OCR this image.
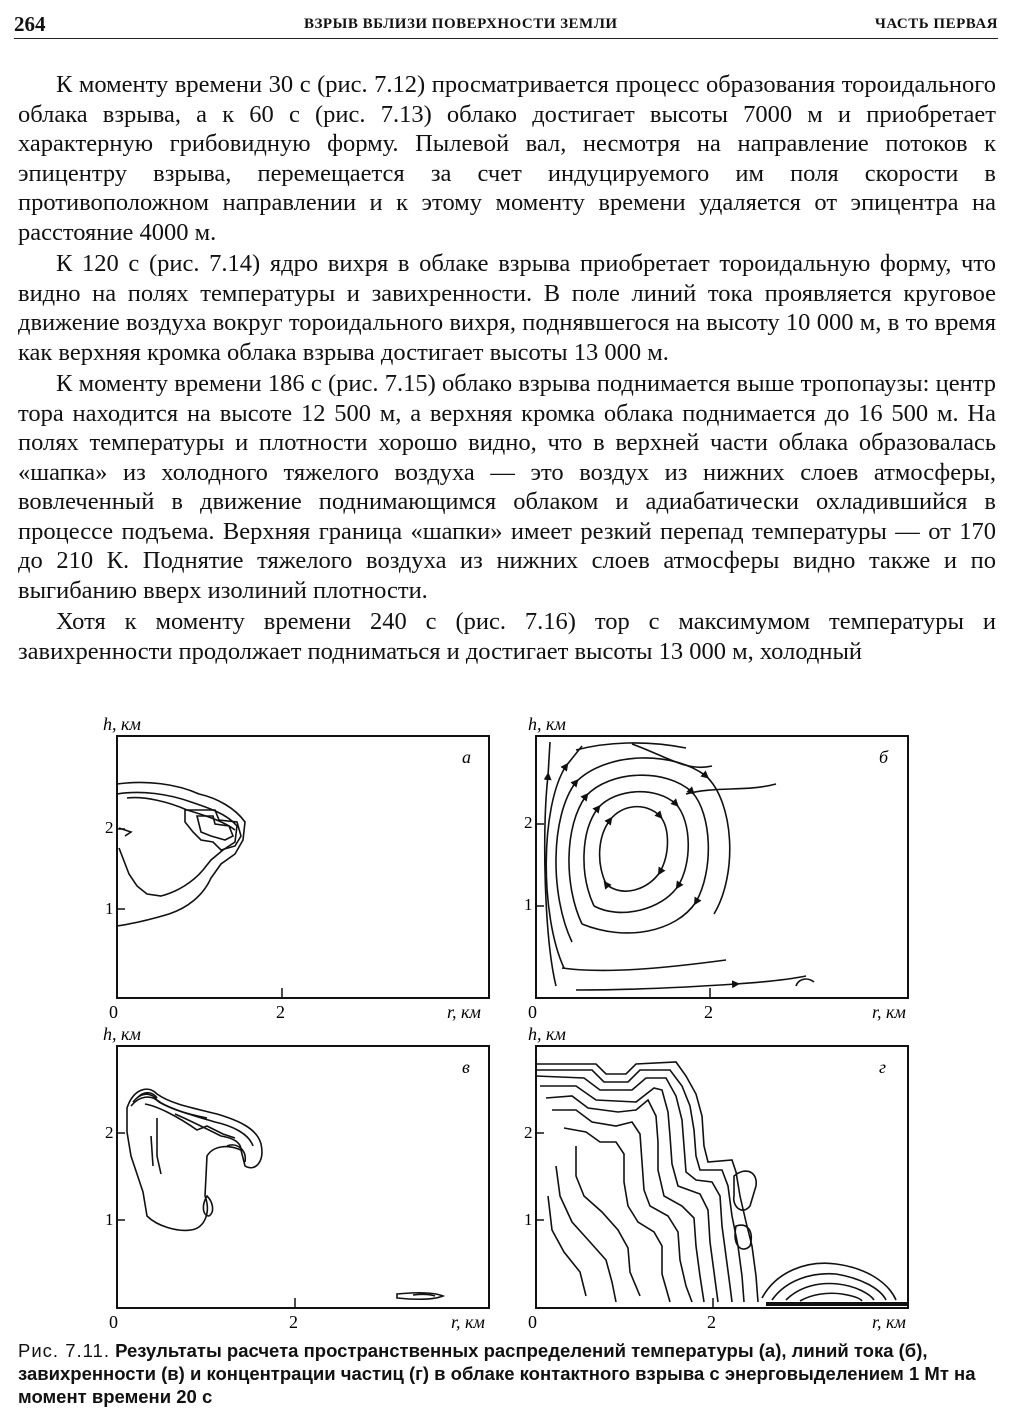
264	ВЗРЫВ ВБЛИЗИ ПОВЕРХНОСТИ ЗЕМЛИ	ЧАСТЬ ПЕРВАЯ

К моменту времени 30 с (рис. 7.12) просматривается процесс образования тороидального облака взрыва, а к 60 с (рис. 7.13) облако достигает высоты 7000 м и приобретает характерную грибовидную форму. Пылевой вал, несмотря на направление потоков к эпицентру взрыва, перемещается за счет индуцируемого им поля скорости в противоположном направлении и к этому моменту времени удаляется от эпицентра на расстояние 4000 м.

К 120 с (рис. 7.14) ядро вихря в облаке взрыва приобретает тороидальную форму, что видно на полях температуры и завихренности. В поле линий тока проявляется круговое движение воздуха вокруг тороидального вихря, поднявшегося на высоту 10 000 м, в то время как верхняя кромка облака взрыва достигает высоты 13 000 м.

К моменту времени 186 с (рис. 7.15) облако взрыва поднимается выше тропопаузы: центр тора находится на высоте 12 500 м, а верхняя кромка облака поднимается до 16 500 м. На полях температуры и плотности хорошо видно, что в верхней части облака образовалась «шапка» из холодного тяжелого воздуха — это воздух из нижних слоев атмосферы, вовлеченный в движение поднимающимся облаком и адиабатически охладившийся в процессе подъема. Верхняя граница «шапки» имеет резкий перепад температуры — от 170 до 210 К. Поднятие тяжелого воздуха из нижних слоев атмосферы видно также и по выгибанию вверх изолиний плотности.

Хотя к моменту времени 240 с (рис. 7.16) тор с максимумом температуры и завихренности продолжает подниматься и достигает высоты 13 000 м, холодный

h, км
а
2
1
0	2	r, км
h, км
б
2
1
0	2	r, км
h, км
в
2
1
0	2	r, км
h, км
г
2
1
0	2	r, км
Рис. 7.11. Результаты расчета пространственных распределений температуры (а), линий тока (б), завихренности (в) и концентрации частиц (г) в облаке контактного взрыва с энерговыделением 1 Мт на момент времени 20 с
